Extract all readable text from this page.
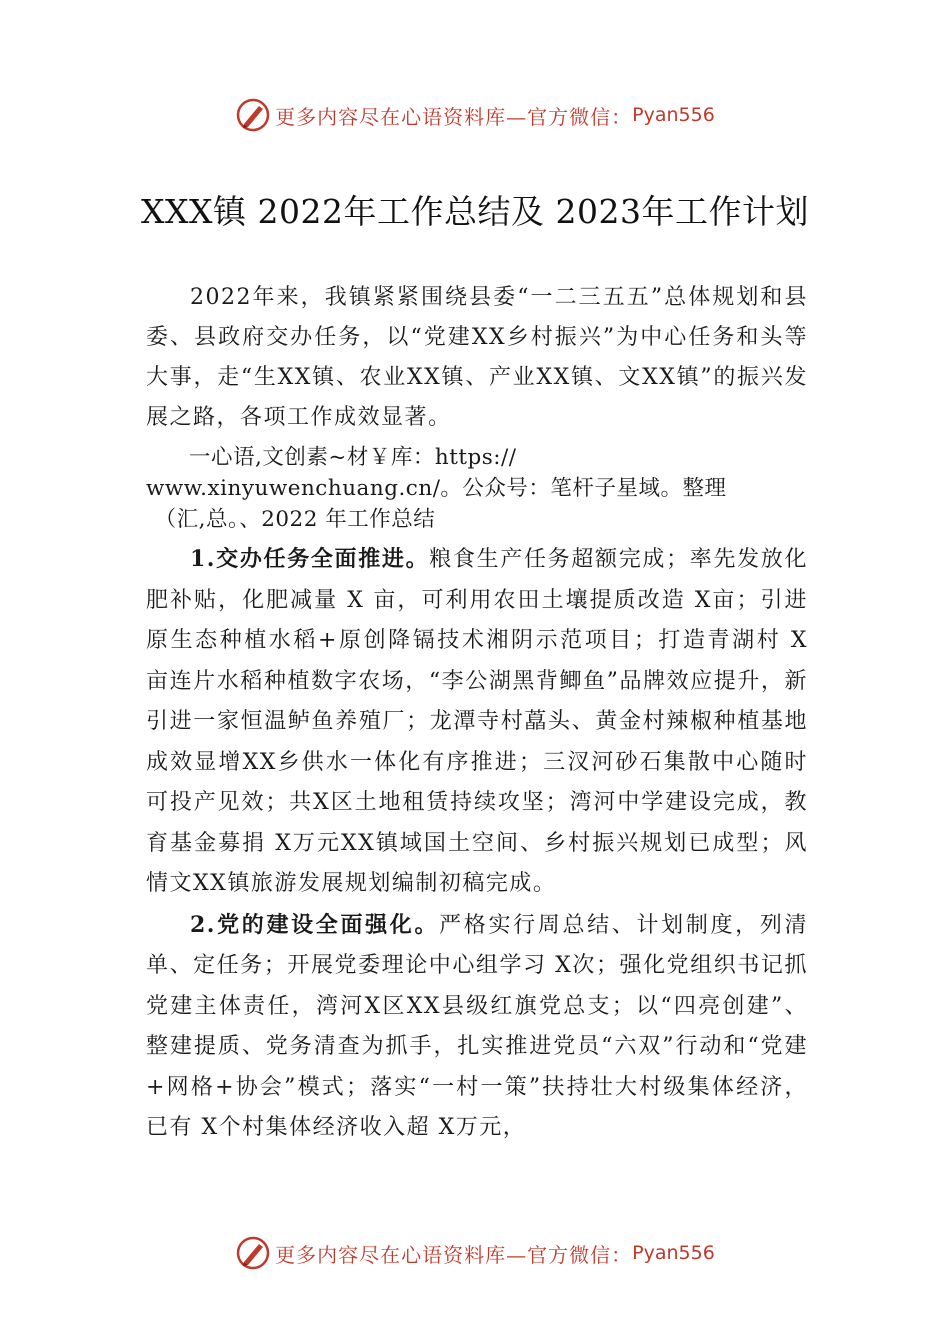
更多内容尽在心语资料库—官方微信： Pyan556
XXX镇 2022年工作总结及 2023年工作计划

2022年来，我镇紧紧围绕县委“一二三五五”总体规划和县委、县政府交办任务，以“党建XX乡村振兴”为中心任务和头等大事，走“生XX镇、农业XX镇、产业XX镇、文XX镇”的振兴发展之路，各项工作成效显著。

一心语,文创素~材￥库：https://
www.xinyuwenchuang.cn/。公众号：笔杆子星域。整理
（汇,总。、2022 年工作总结

1.交办任务全面推进。粮食生产任务超额完成；率先发放化肥补贴，化肥减量 X 亩，可利用农田土壤提质改造 X亩；引进原生态种植水稻+原创降镉技术湘阴示范项目；打造青湖村 X 亩连片水稻种植数字农场，“李公湖黑背鲫鱼”品牌效应提升，新引进一家恒温鲈鱼养殖厂；龙潭寺村藠头、黄金村辣椒种植基地成效显增XX乡供水一体化有序推进；三汊河砂石集散中心随时可投产见效；共X区土地租赁持续攻坚；湾河中学建设完成，教育基金募捐 X万元XX镇域国土空间、乡村振兴规划已成型；风情文XX镇旅游发展规划编制初稿完成。

2.党的建设全面强化。严格实行周总结、计划制度，列清单、定任务；开展党委理论中心组学习 X次；强化党组织书记抓党建主体责任，湾河X区XX县级红旗党总支；以“四亮创建”、整建提质、党务清查为抓手，扎实推进党员“六双”行动和“党建+网格+协会”模式；落实“一村一策”扶持壮大村级集体经济，已有 X个村集体经济收入超 X万元，

更多内容尽在心语资料库—官方微信： Pyan556
